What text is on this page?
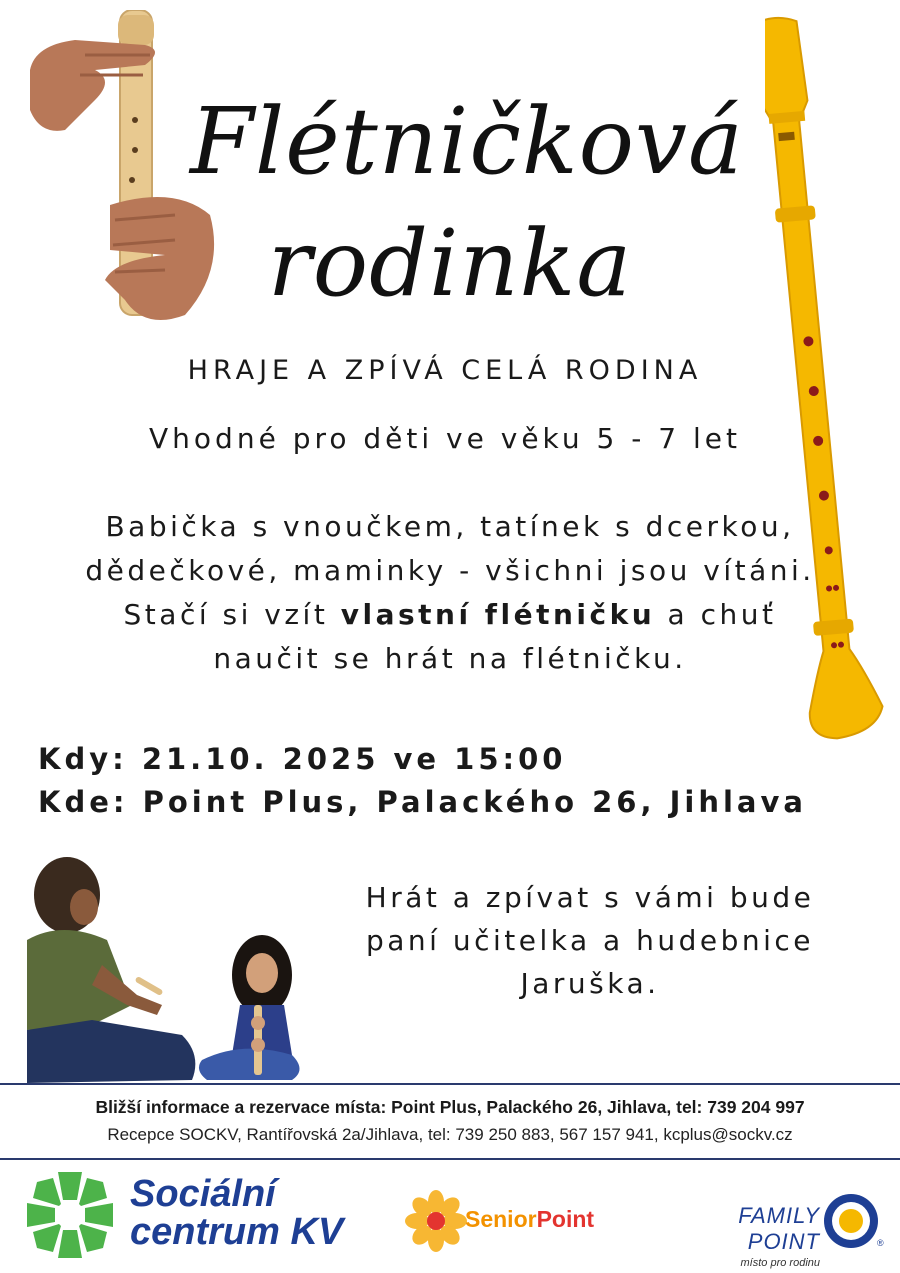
Flétničková
rodinka
HRAJE A ZPÍVÁ CELÁ RODINA
Vhodné pro děti ve věku 5 - 7 let

Babička s vnoučkem, tatínek s dcerkou,

dědečkové, maminky - všichni jsou vítáni.

Stačí si vzít vlastní flétničku a chuť

naučit se hrát na flétničku.

Kdy: 21.10. 2025 ve 15:00
Kde: Point Plus, Palackého 26, Jihlava

Hrát a zpívat s vámi bude

paní učitelka a hudebnice

Jaruška.

Bližší informace a rezervace místa: Point Plus, Palackého 26, Jihlava, tel: 739 204 997
Recepce SOCKV, Rantířovská 2a/Jihlava, tel: 739 250 883, 567 157 941, kcplus@sockv.cz
Sociální
centrum KV	SeniorPoint	FAMILY POINT
místo pro rodinu
®
